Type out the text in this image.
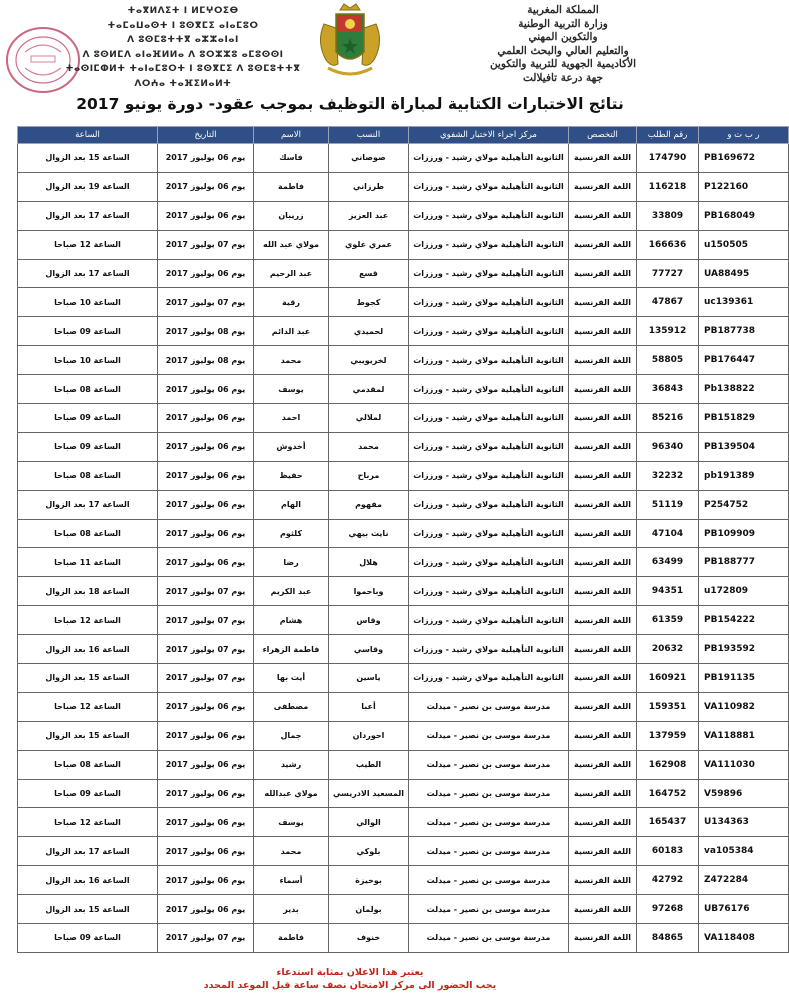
ⵜⴰⴳⵍⴷⵉⵜ ⵏ ⵍⵎⵖⵔⵉⴱ
ⵜⴰⵎⴰⵡⴰⵙⵜ ⵏ ⵓⵙⴳⵎⵉ ⴰⵏⴰⵎⵓⵔ
ⴷ ⵓⵙⵎⵓⵜⵜⴳ ⴰⵣⵣⴰⵏⴰⵏ
ⴷ ⵓⵙⵍⵎⴷ ⴰⵏⴰⴼⵍⵍⴰ ⴷ ⵓⵔⵣⵣⵓ ⴰⵎⵓⵙⵙⵏ
ⵜⴰⵙⵏⵎⵀⵍⵜ ⵜⴰⵏⴰⵎⵓⵔⵜ ⵏ ⵓⵙⴳⵎⵉ ⴷ ⵓⵙⵎⵓⵜⵜⴳ
ⴷⵔⵄⴰ ⵜⴰⴼⵉⵍⴰⵍⵜ
المملكة المغربية
وزارة التربية الوطنية
والتكوين المهني
والتعليم العالي والبحث العلمي
الأكاديمية الجهوية للتربية والتكوين
جهة درعة تافيلالت
نتائج الاختبارات الكتابية لمباراة التوظيف بموجب عقود- دورة يونيو 2017
ر ب ت و	رقم الطلب	التخصص	مركز اجراء الاختبار الشفوي	النسب	الاسم	التاريخ	الساعة
PB169672	174790	اللغة الفرنسية	الثانوية التأهيلية مولاي رشيد - ورززات	صوصاني	فاسك	يوم 06 يوليوز 2017	الساعة 15 بعد الزوال
P122160	116218	اللغة الفرنسية	الثانوية التأهيلية مولاي رشيد - ورززات	طرزاني	فاطمة	يوم 06 يوليوز 2017	الساعة 19 بعد الزوال
PB168049	33809	اللغة الفرنسية	الثانوية التأهيلية مولاي رشيد - ورززات	عبد العزيز	زريبان	يوم 06 يوليوز 2017	الساعة 17 بعد الزوال
u150505	166636	اللغة الفرنسية	الثانوية التأهيلية مولاي رشيد - ورززات	عمري علوي	مولاي عبد الله	يوم 07 يوليوز 2017	الساعة 12 صباحا
UA88495	77727	اللغة الفرنسية	الثانوية التأهيلية مولاي رشيد - ورززات	قسع	عبد الرحيم	يوم 06 يوليوز 2017	الساعة 17 بعد الزوال
uc139361	47867	اللغة الفرنسية	الثانوية التأهيلية مولاي رشيد - ورززات	كجوط	رقية	يوم 07 يوليوز 2017	الساعة 10 صباحا
PB187738	135912	اللغة الفرنسية	الثانوية التأهيلية مولاي رشيد - ورززات	لحميدي	عبد الدائم	يوم 08 يوليوز 2017	الساعة 09 صباحا
PB176447	58805	اللغة الفرنسية	الثانوية التأهيلية مولاي رشيد - ورززات	لخريويبي	محمد	يوم 08 يوليوز 2017	الساعة 10 صباحا
Pb138822	36843	اللغة الفرنسية	الثانوية التأهيلية مولاي رشيد - ورززات	لمقدمي	يوسف	يوم 06 يوليوز 2017	الساعة 08 صباحا
PB151829	85216	اللغة الفرنسية	الثانوية التأهيلية مولاي رشيد - ورززات	لملالي	احمد	يوم 06 يوليوز 2017	الساعة 09 صباحا
PB139504	96340	اللغة الفرنسية	الثانوية التأهيلية مولاي رشيد - ورززات	محمد	أخدوش	يوم 06 يوليوز 2017	الساعة 09 صباحا
pb191389	32232	اللغة الفرنسية	الثانوية التأهيلية مولاي رشيد - ورززات	مرباح	حفيظ	يوم 06 يوليوز 2017	الساعة 08 صباحا
P254752	51119	اللغة الفرنسية	الثانوية التأهيلية مولاي رشيد - ورززات	مفهوم	الهام	يوم 06 يوليوز 2017	الساعة 17 بعد الزوال
PB109909	47104	اللغة الفرنسية	الثانوية التأهيلية مولاي رشيد - ورززات	نايت بيهي	كلثوم	يوم 06 يوليوز 2017	الساعة 08 صباحا
PB188777	63499	اللغة الفرنسية	الثانوية التأهيلية مولاي رشيد - ورززات	هلال	رضا	يوم 06 يوليوز 2017	الساعة 11 صباحا
u172809	94351	اللغة الفرنسية	الثانوية التأهيلية مولاي رشيد - ورززات	وباحموا	عبد الكريم	يوم 07 يوليوز 2017	الساعة 18 بعد الزوال
PB154222	61359	اللغة الفرنسية	الثانوية التأهيلية مولاي رشيد - ورززات	وقاس	هشام	يوم 07 يوليوز 2017	الساعة 12 صباحا
PB193592	20632	اللغة الفرنسية	الثانوية التأهيلية مولاي رشيد - ورززات	وقاسي	فاطمة الزهراء	يوم 07 يوليوز 2017	الساعة 16 بعد الزوال
PB191135	160921	اللغة الفرنسية	الثانوية التأهيلية مولاي رشيد - ورززات	ياسين	أيت بها	يوم 07 يوليوز 2017	الساعة 15 بعد الزوال
VA110982	159351	اللغة الفرنسية	مدرسة موسى بن نصير - ميدلت	أعبا	مصطفى	يوم 06 يوليوز 2017	الساعة 12 صباحا
VA118881	137959	اللغة الفرنسية	مدرسة موسى بن نصير - ميدلت	احوردان	جمال	يوم 06 يوليوز 2017	الساعة 15 بعد الزوال
VA111030	162908	اللغة الفرنسية	مدرسة موسى بن نصير - ميدلت	الطيب	رشيد	يوم 06 يوليوز 2017	الساعة 08 صباحا
V59896	164752	اللغة الفرنسية	مدرسة موسى بن نصير - ميدلت	المسعيد الادريسي	مولاي عبدالله	يوم 06 يوليوز 2017	الساعة 09 صباحا
U134363	165437	اللغة الفرنسية	مدرسة موسى بن نصير - ميدلت	الوالي	يوسف	يوم 06 يوليوز 2017	الساعة 12 صباحا
va105384	60183	اللغة الفرنسية	مدرسة موسى بن نصير - ميدلت	بلوكي	محمد	يوم 06 يوليوز 2017	الساعة 17 بعد الزوال
Z472284	42792	اللغة الفرنسية	مدرسة موسى بن نصير - ميدلت	بوخيزة	أسماء	يوم 06 يوليوز 2017	الساعة 16 بعد الزوال
UB76176	97268	اللغة الفرنسية	مدرسة موسى بن نصير - ميدلت	بولمان	بدير	يوم 06 يوليوز 2017	الساعة 15 بعد الزوال
VA118408	84865	اللغة الفرنسية	مدرسة موسى بن نصير - ميدلت	خنوف	فاطمة	يوم 07 يوليوز 2017	الساعة 09 صباحا
يعتبر هذا الاعلان بمثابة استدعاء
يجب الحضور الى مركز الامتحان نصف ساعة قبل الموعد المحدد
